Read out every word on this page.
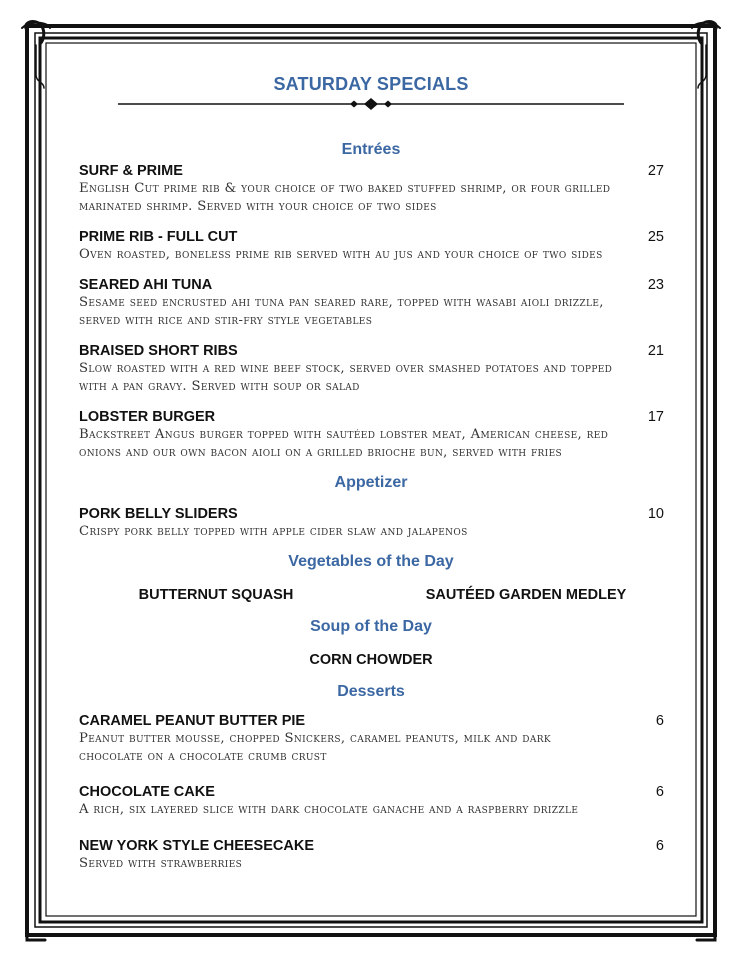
SATURDAY SPECIALS
Entrées
SURF & PRIME	27
English Cut prime rib & your choice of two baked stuffed shrimp, or four grilled
marinated shrimp. Served with your choice of two sides
PRIME RIB - FULL CUT	25
Oven roasted, boneless prime rib served with au jus and your choice of two sides
SEARED AHI TUNA	23
Sesame seed encrusted ahi tuna pan seared rare, topped with wasabi aioli drizzle,
served with rice and stir-fry style vegetables
BRAISED SHORT RIBS	21
Slow roasted with a red wine beef stock, served over smashed potatoes and topped
with a pan gravy. Served with soup or salad
LOBSTER BURGER	17
Backstreet Angus burger topped with sautéed lobster meat, American cheese, red
onions and our own bacon aioli on a grilled brioche bun, served with fries
Appetizer
PORK BELLY SLIDERS	10
Crispy pork belly topped with apple cider slaw and jalapenos
Vegetables of the Day
BUTTERNUT SQUASH	SAUTÉED GARDEN MEDLEY
Soup of the Day
CORN CHOWDER
Desserts
CARAMEL PEANUT BUTTER PIE	6
Peanut butter mousse, chopped Snickers, caramel peanuts, milk and dark
chocolate on a chocolate crumb crust
CHOCOLATE CAKE	6
A rich, six layered slice with dark chocolate ganache and a raspberry drizzle
NEW YORK STYLE CHEESECAKE	6
Served with strawberries
